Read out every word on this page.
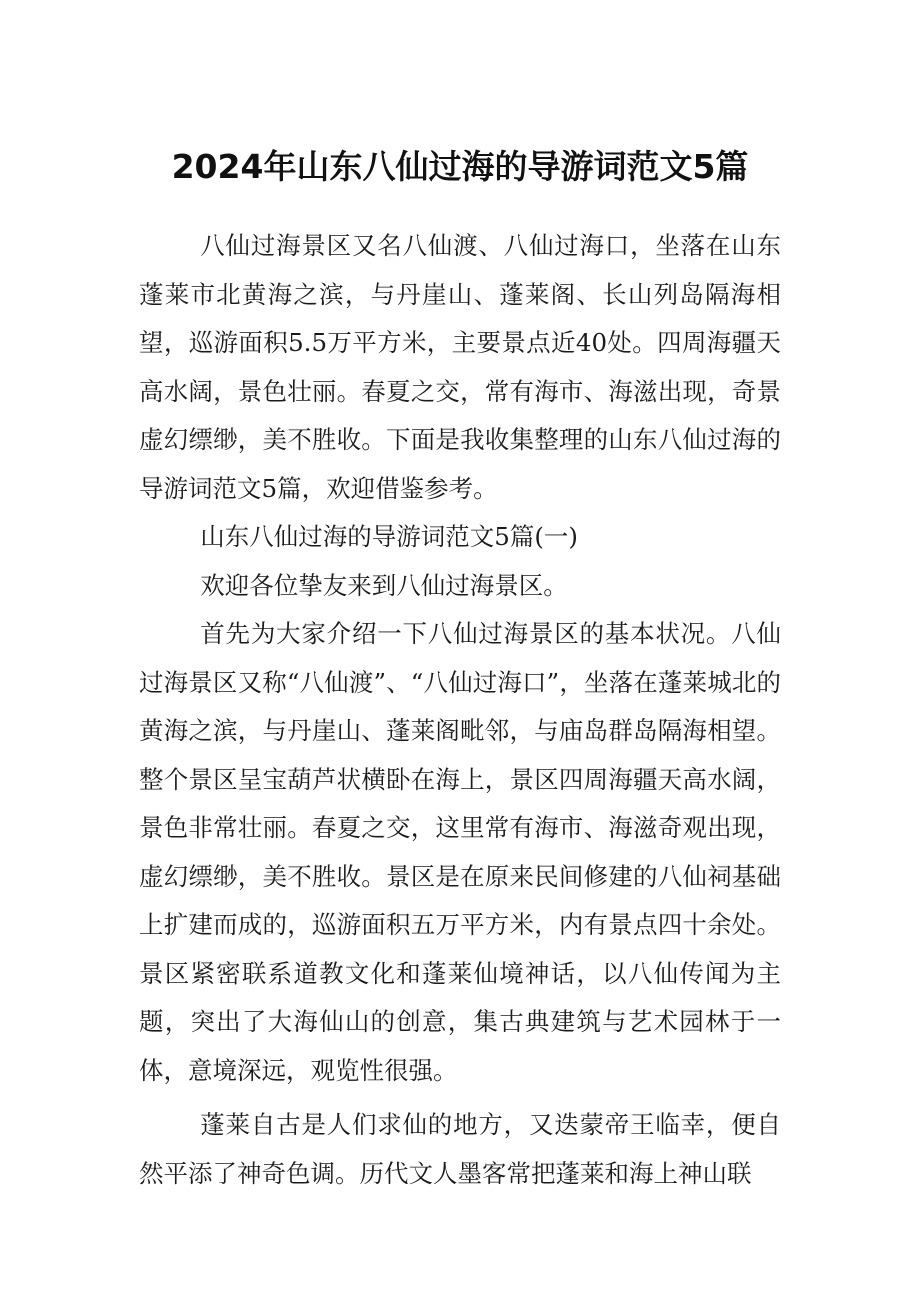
2024年山东八仙过海的导游词范文5篇

八仙过海景区又名八仙渡、八仙过海口，坐落在山东蓬莱市北黄海之滨，与丹崖山、蓬莱阁、长山列岛隔海相望，巡游面积5.5万平方米，主要景点近40处。四周海疆天高水阔，景色壮丽。春夏之交，常有海市、海滋出现，奇景虚幻缥缈，美不胜收。下面是我收集整理的山东八仙过海的导游词范文5篇，欢迎借鉴参考。

山东八仙过海的导游词范文5篇(一)

欢迎各位挚友来到八仙过海景区。

首先为大家介绍一下八仙过海景区的基本状况。八仙过海景区又称“八仙渡”、“八仙过海口”，坐落在蓬莱城北的黄海之滨，与丹崖山、蓬莱阁毗邻，与庙岛群岛隔海相望。整个景区呈宝葫芦状横卧在海上，景区四周海疆天高水阔，景色非常壮丽。春夏之交，这里常有海市、海滋奇观出现，虚幻缥缈，美不胜收。景区是在原来民间修建的八仙祠基础上扩建而成的，巡游面积五万平方米，内有景点四十余处。景区紧密联系道教文化和蓬莱仙境神话，以八仙传闻为主题，突出了大海仙山的创意，集古典建筑与艺术园林于一体，意境深远，观览性很强。

蓬莱自古是人们求仙的地方，又迭蒙帝王临幸，便自然平添了神奇色调。历代文人墨客常把蓬莱和海上神山联
